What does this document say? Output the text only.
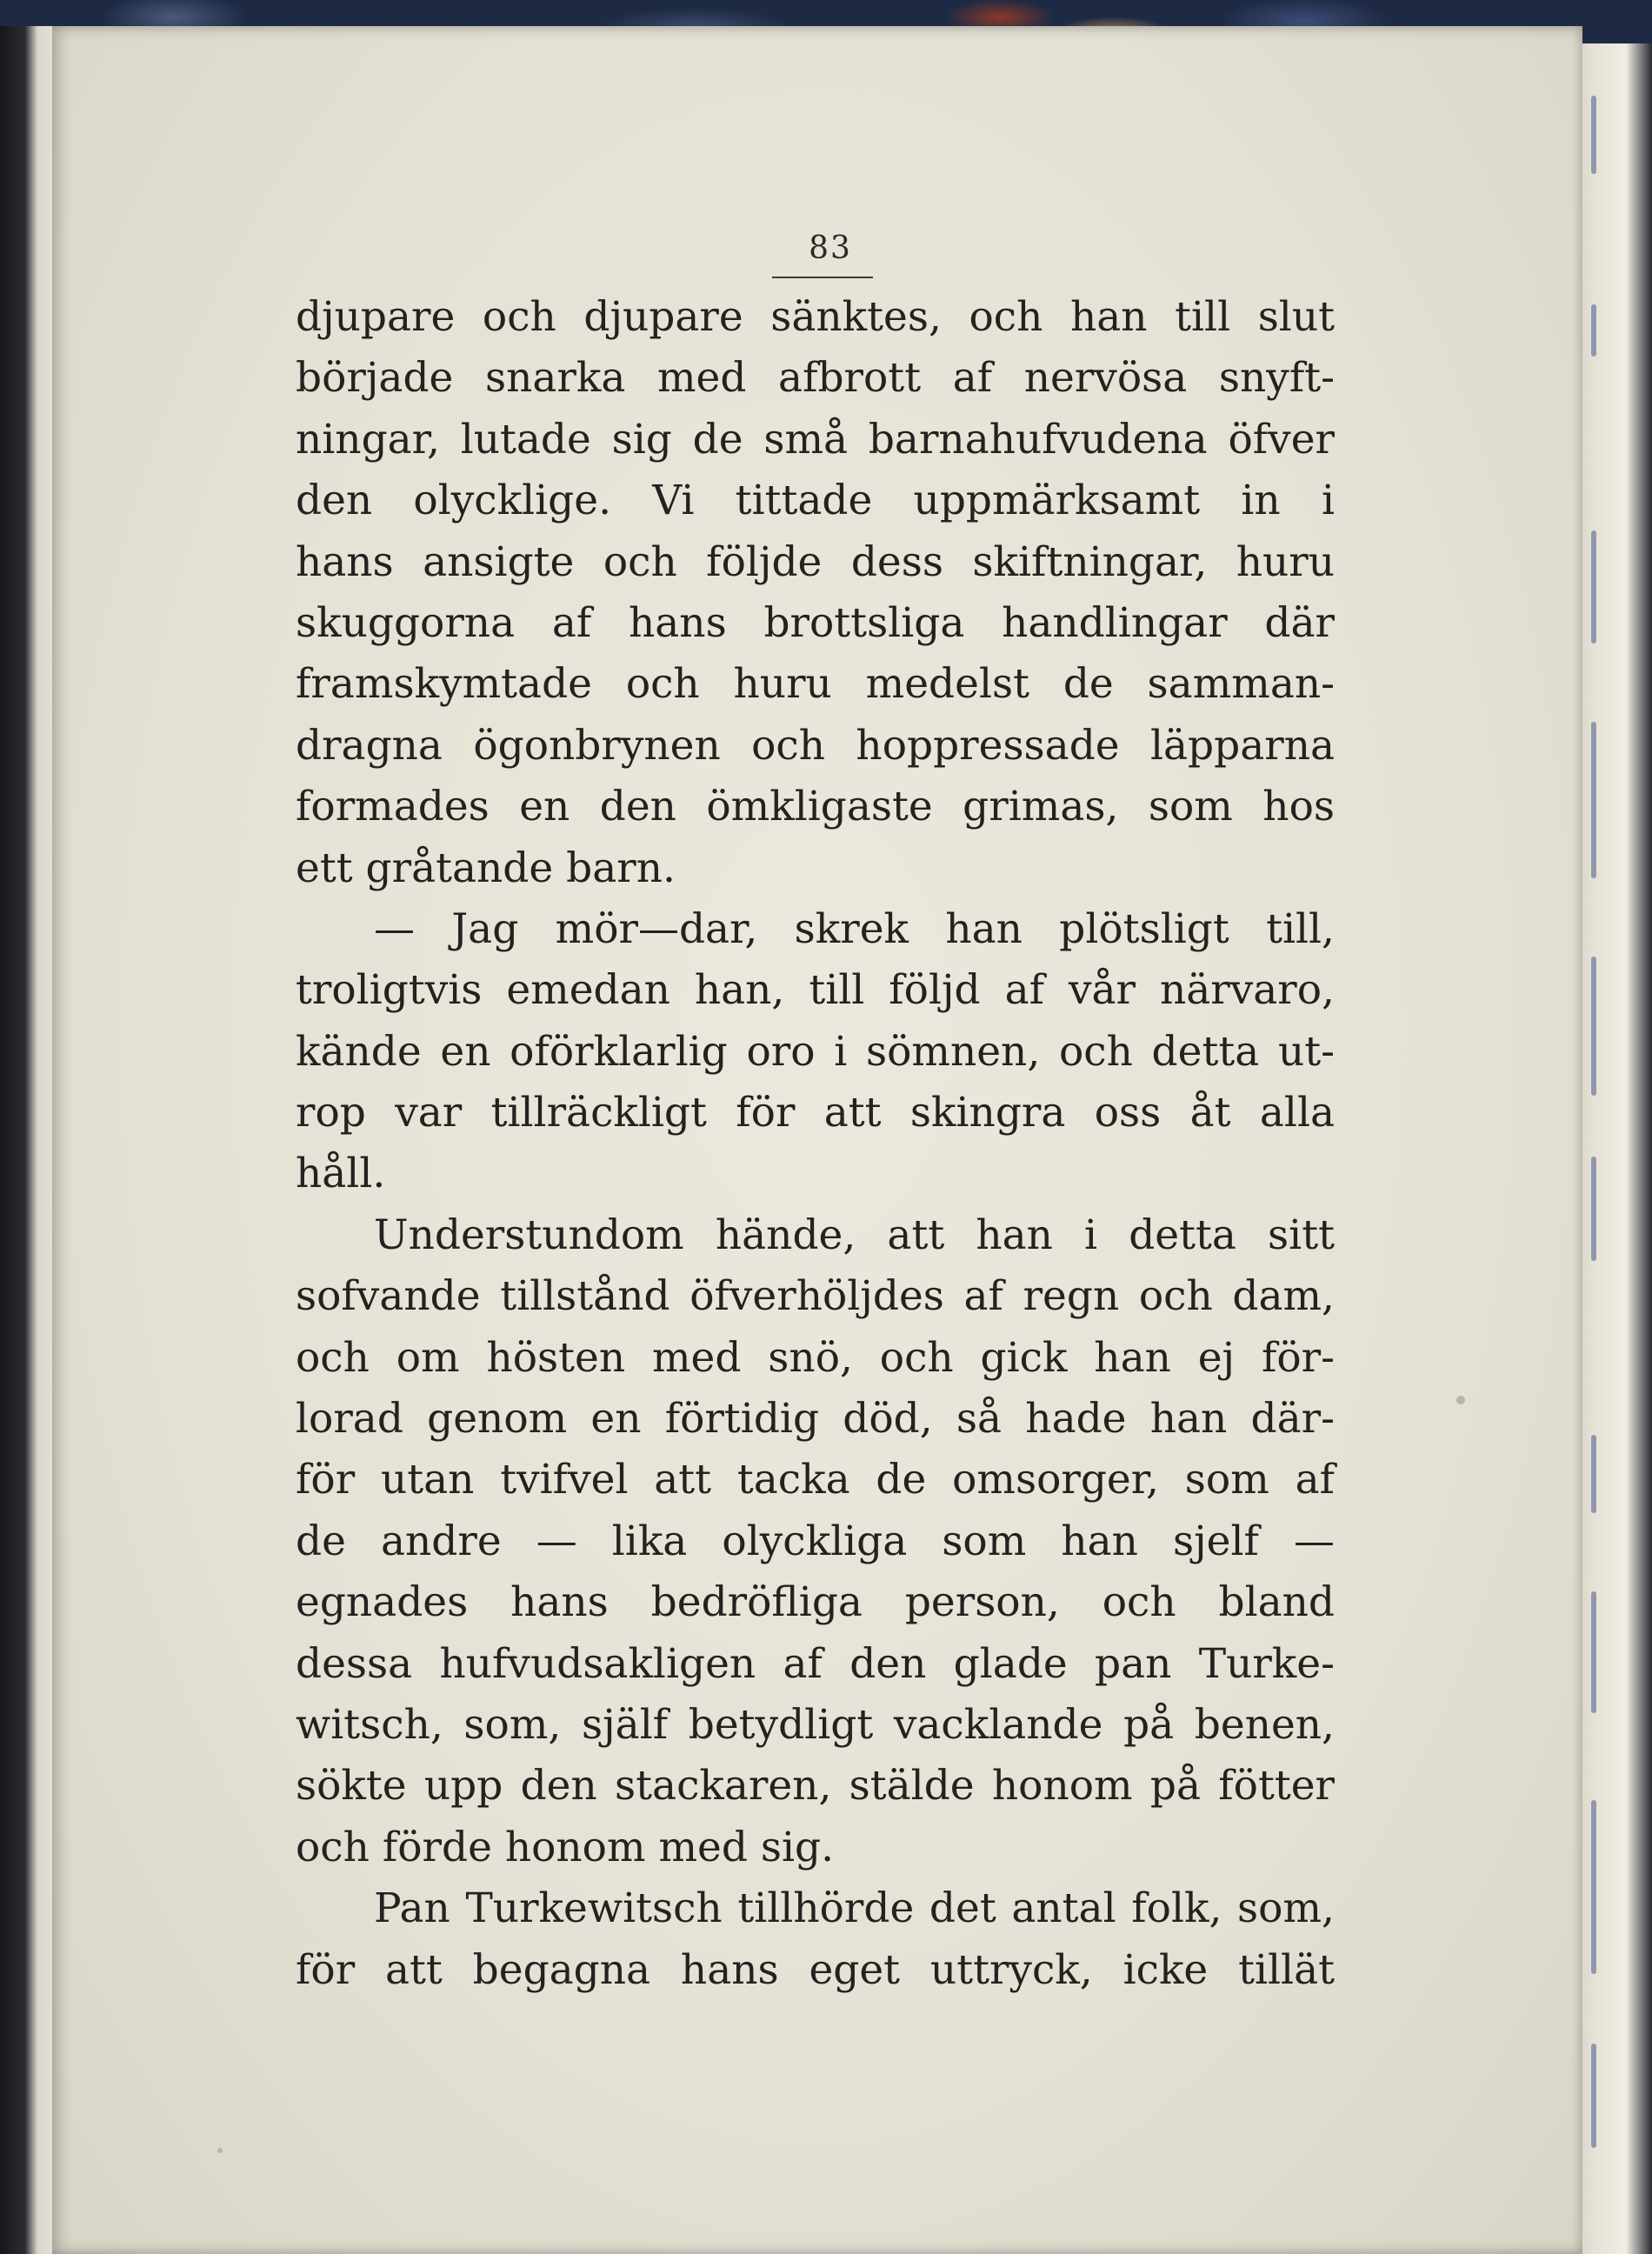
83
djupare och djupare sänktes, och han till slut
började snarka med afbrott af nervösa snyft-
ningar, lutade sig de små barnahufvudena öfver
den olycklige. Vi tittade uppmärksamt in i
hans ansigte och följde dess skiftningar, huru
skuggorna af hans brottsliga handlingar där
framskymtade och huru medelst de samman-
dragna ögonbrynen och hoppressade läpparna
formades en den ömkligaste grimas, som hos
ett gråtande barn.
— Jag mör—dar, skrek han plötsligt till,
troligtvis emedan han, till följd af vår närvaro,
kände en oförklarlig oro i sömnen, och detta ut-
rop var tillräckligt för att skingra oss åt alla
håll.
Understundom hände, att han i detta sitt
sofvande tillstånd öfverhöljdes af regn och dam,
och om hösten med snö, och gick han ej för-
lorad genom en förtidig död, så hade han där-
för utan tvifvel att tacka de omsorger, som af
de andre — lika olyckliga som han sjelf —
egnades hans bedröfliga person, och bland
dessa hufvudsakligen af den glade pan Turke-
witsch, som, själf betydligt vacklande på benen,
sökte upp den stackaren, stälde honom på fötter
och förde honom med sig.
Pan Turkewitsch tillhörde det antal folk, som,
för att begagna hans eget uttryck, icke tillät
